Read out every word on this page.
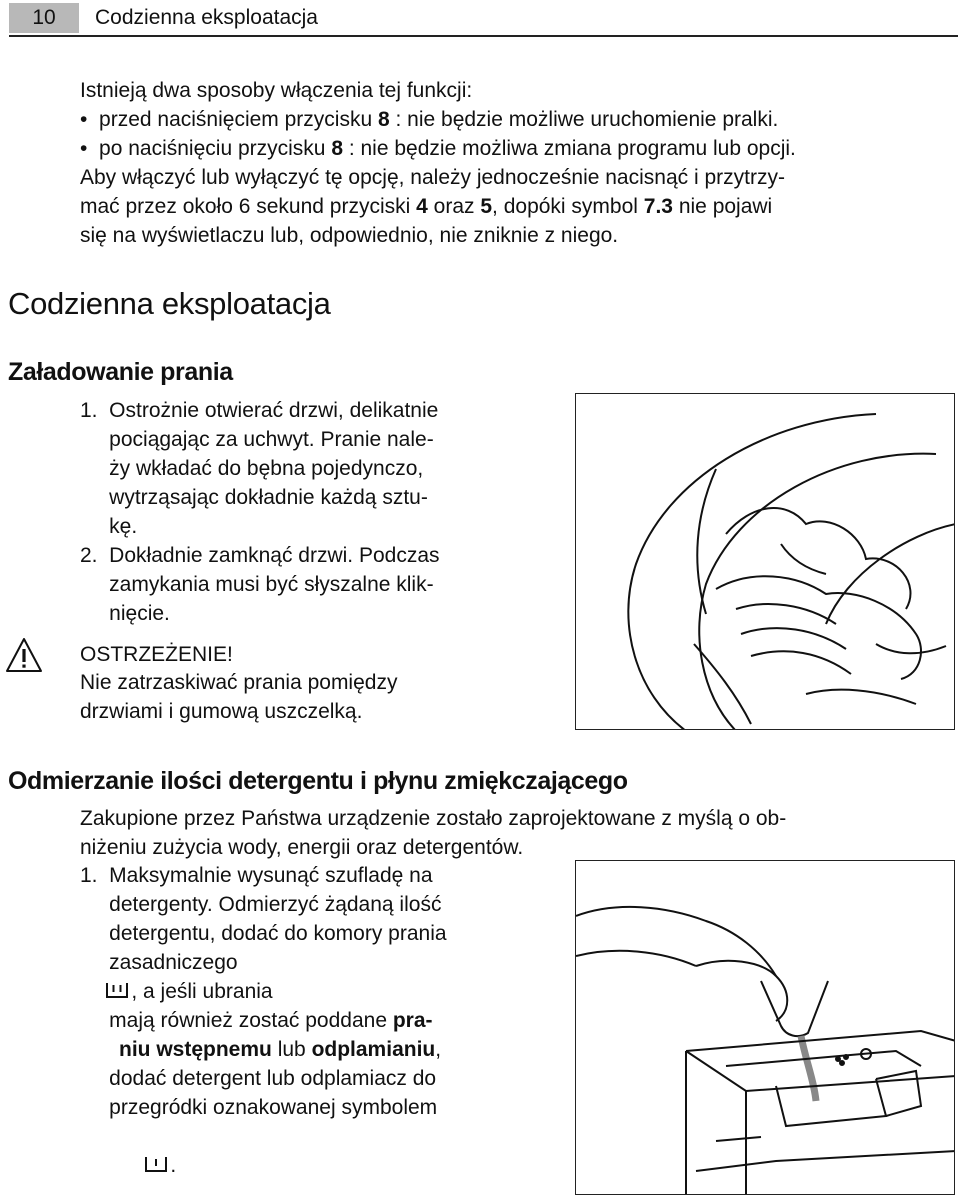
10	Codzienna eksploatacja
Istnieją dwa sposoby włączenia tej funkcji:
•  przed naciśnięciem przycisku 8 : nie będzie możliwe uruchomienie pralki.
•  po naciśnięciu przycisku 8 : nie będzie możliwa zmiana programu lub opcji.
Aby włączyć lub wyłączyć tę opcję, należy jednocześnie nacisnąć i przytrzy-
mać przez około 6 sekund przyciski 4 oraz 5, dopóki symbol 7.3 nie pojawi
się na wyświetlaczu lub, odpowiednio, nie zniknie z niego.
Codzienna eksploatacja
Załadowanie prania
1.  Ostrożnie otwierać drzwi, delikatnie
pociągając za uchwyt. Pranie nale-
ży wkładać do bębna pojedynczo,
wytrząsając dokładnie każdą sztu-
kę.
2.  Dokładnie zamknąć drzwi. Podczas
zamykania musi być słyszalne klik-
nięcie.
OSTRZEŻENIE!
Nie zatrzaskiwać prania pomiędzy
drzwiami i gumową uszczelką.
Odmierzanie ilości detergentu i płynu zmiękczającego
Zakupione przez Państwa urządzenie zostało zaprojektowane z myślą o ob-
niżeniu zużycia wody, energii oraz detergentów.
1.  Maksymalnie wysunąć szufladę na
detergenty. Odmierzyć żądaną ilość
detergentu, dodać do komory prania
zasadniczego
, a jeśli ubrania
mają również zostać poddane pra-
niu wstępnemu lub odplamianiu,
dodać detergent lub odplamiacz do
przegródki oznakowanej symbolem

.
